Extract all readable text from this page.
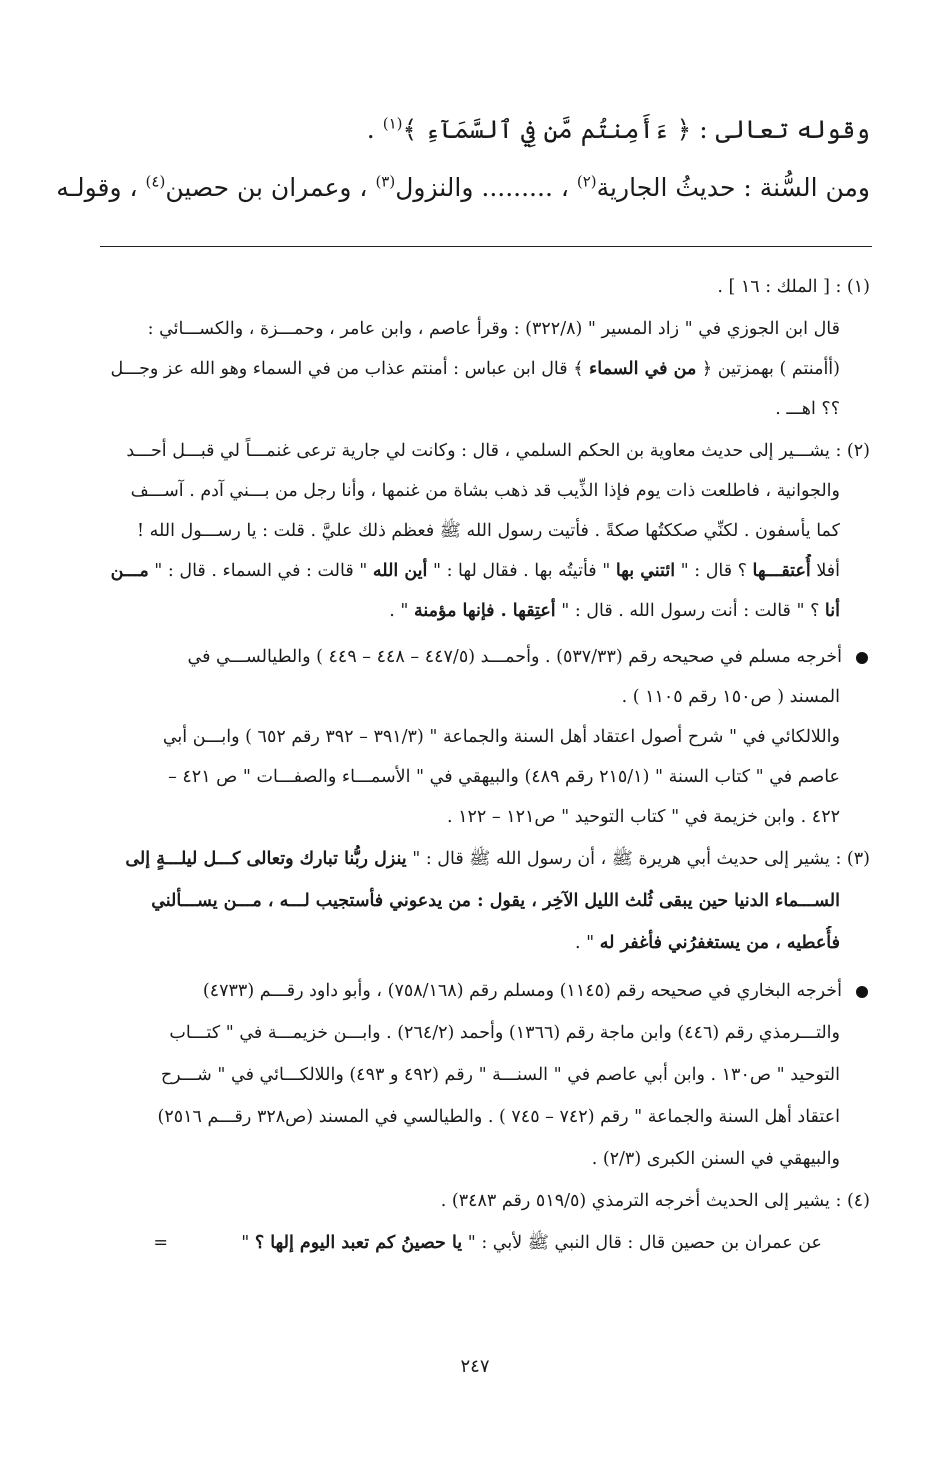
وقوله تعالى : ﴿ ءَأَمِنتُم مَّن فِي ٱلسَّمَآءِ ﴾$^{(١)}$ .
ومن السُّنة : حديثُ الجارية$^{(٢)}$ ، ......... والنزول$^{(٣)}$ ، وعمران بن حصين$^{(٤)}$ ، وقولـه
(١) : [ الملك : ١٦ ] .
قال ابن الجوزي في " زاد المسير " (٣٢٢/٨) : وقرأ عاصم ، وابن عامر ، وحمـــزة ، والكســـائي :
(أأمنتم ) بهمزتين ﴿ من في السماء ﴾ قال ابن عباس : أمنتم عذاب من في السماء وهو الله عز وجـــل
؟؟ اهـــ .
(٢) : يشـــير إلى حديث معاوية بن الحكم السلمي ، قال : وكانت لي جارية ترعى غنمـــاً لي قبـــل أحـــد
والجوانية ، فاطلعت ذات يوم فإذا الذِّيب قد ذهب بشاة من غنمها ، وأنا رجل من بـــني آدم . آســـف
كما يأسفون . لكنِّي صككتُها صكةً . فأتيت رسول الله ﷺ فعظم ذلك عليَّ . قلت : يا رســـول الله !
أفلا أُعتقـــها ؟ قال : " ائتني بها " فأتيتُه بها . فقال لها : " أين الله " قالت : في السماء . قال : " مـــن
أنا ؟ " قالت : أنت رسول الله . قال : " أعتِقها . فإنها مؤمنة " .
أخرجه مسلم في صحيحه رقم (٥٣٧/٣٣) . وأحمـــد (٤٤٧/٥ – ٤٤٨ – ٤٤٩ ) والطيالســـي في
المسند ( ص١٥٠ رقم ١١٠٥ ) .
واللالكائي في " شرح أصول اعتقاد أهل السنة والجماعة " (٣٩١/٣ – ٣٩٢ رقم ٦٥٢ ) وابـــن أبي
عاصم في " كتاب السنة " (٢١٥/١ رقم ٤٨٩) والبيهقي في " الأسمـــاء والصفـــات " ص ٤٢١ –
٤٢٢ . وابن خزيمة في " كتاب التوحيد " ص١٢١ – ١٢٢ .
(٣) : يشير إلى حديث أبي هريرة ﷺ ، أن رسول الله ﷺ قال : " ينزل ربُّنا تبارك وتعالى كـــل ليلـــةٍ إلى
الســـماء الدنيا حين يبقى ثُلث الليل الآخِر ، يقول : من يدعوني فأستجيب لـــه ، مـــن يســـألني
فأُعطيه ، من يستغفرُني فأغفر له " .
أخرجه البخاري في صحيحه رقم (١١٤٥) ومسلم رقم (٧٥٨/١٦٨) ، وأبو داود رقـــم (٤٧٣٣)
والتـــرمذي رقم (٤٤٦) وابن ماجة رقم (١٣٦٦) وأحمد (٢٦٤/٢) . وابـــن خزيمـــة في " كتـــاب
التوحيد " ص١٣٠ . وابن أبي عاصم في " السنـــة " رقم (٤٩٢ و ٤٩٣) واللالكـــائي في " شـــرح
اعتقاد أهل السنة والجماعة " رقم (٧٤٢ – ٧٤٥ ) . والطيالسي في المسند (ص٣٢٨ رقـــم ٢٥١٦)
والبيهقي في السنن الكبرى (٢/٣) .
(٤) : يشير إلى الحديث أخرجه الترمذي (٥١٩/٥ رقم ٣٤٨٣) .
عن عمران بن حصين قال : قال النبي ﷺ لأبي : " يا حصينُ كم تعبد اليوم إلها ؟ "
=
٢٤٧
